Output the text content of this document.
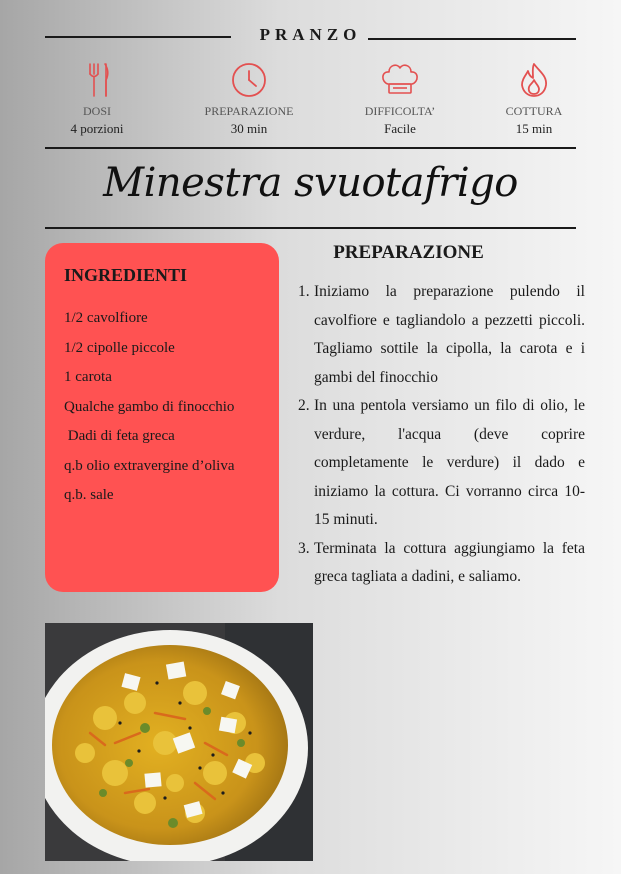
PRANZO
DOSI
4 porzioni
PREPARAZIONE
30 min
DIFFICOLTA’
Facile
COTTURA
15 min
Minestra svuotafrigo
INGREDIENTI
1/2 cavolfiore
1/2 cipolle piccole
1 carota
Qualche gambo di finocchio
Dadi di feta greca
q.b olio extravergine d’oliva
q.b. sale
PREPARAZIONE
1. Iniziamo la preparazione pulendo il cavolfiore e tagliandolo a pezzetti piccoli. Tagliamo sottile la cipolla, la carota e i gambi del finocchio
2. In una pentola versiamo un filo di olio, le verdure, l'acqua (deve coprire completamente le verdure) il dado e iniziamo la cottura. Ci vorranno circa 10-15 minuti.
3. Terminata la cottura aggiungiamo la feta greca tagliata a dadini, e saliamo.
